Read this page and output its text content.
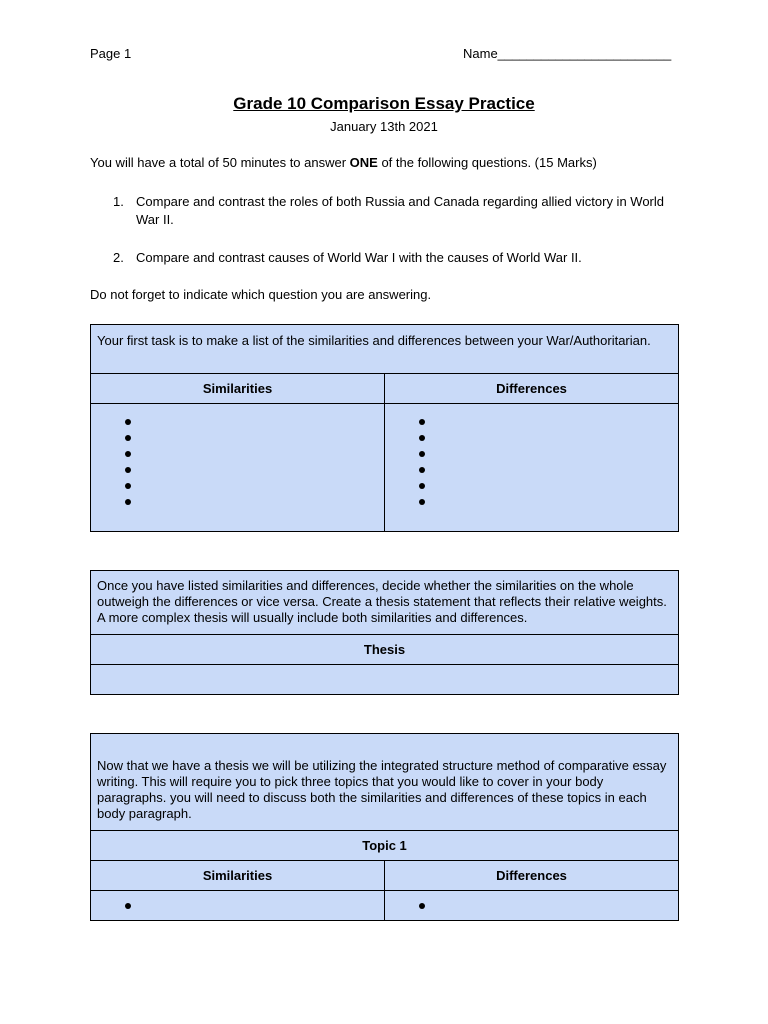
Page 1	Name________________________
Grade 10 Comparison Essay Practice
January 13th 2021
You will have a total of 50 minutes to answer ONE of the following questions. (15 Marks)
1. Compare and contrast the roles of both Russia and Canada regarding allied victory in World War II.
2. Compare and contrast causes of World War I with the causes of World War II.
Do not forget to indicate which question you are answering.
Your first task is to make a list of the similarities and differences between your War/Authoritarian.	
Similarities	Differences

Once you have listed similarities and differences, decide whether the similarities on the whole outweigh the differences or vice versa. Create a thesis statement that reflects their relative weights. A more complex thesis will usually include both similarities and differences.
Thesis

Now that we have a thesis we will be utilizing the integrated structure method of comparative essay writing. This will require you to pick three topics that you would like to cover in your body paragraphs. you will need to discuss both the similarities and differences of these topics in each body paragraph.	
Topic 1	
Similarities	Differences
